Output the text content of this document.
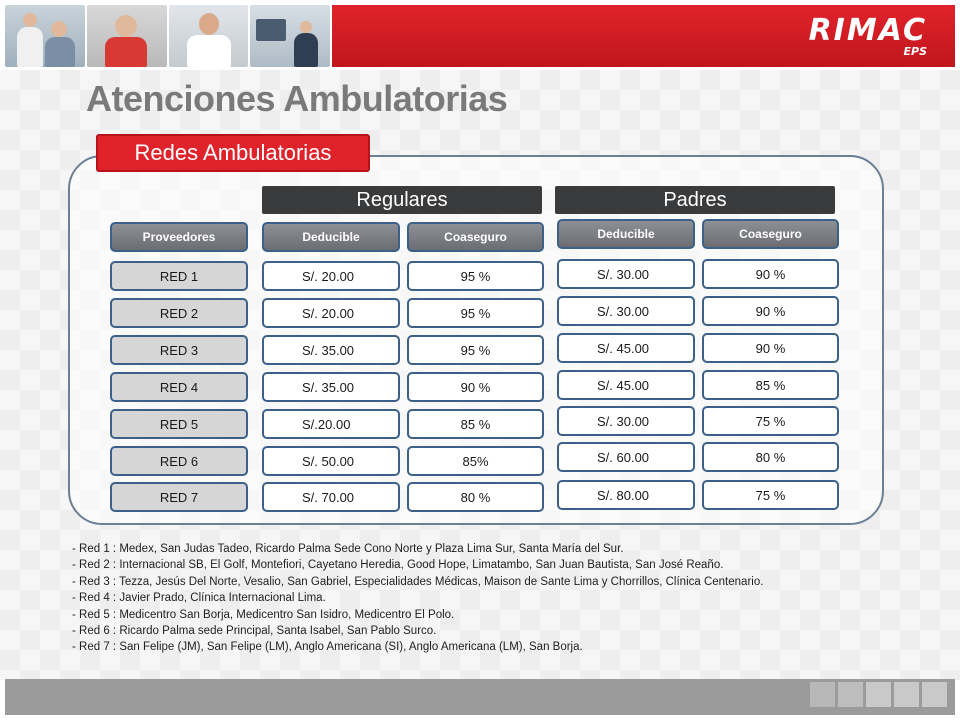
RIMAC
EPS
Atenciones Ambulatorias
Redes Ambulatorias
Regulares	Padres
Proveedores	Deducible	Coaseguro	Deducible	Coaseguro
RED 1	S/. 20.00	95 %	S/. 30.00	90 %
RED 2	S/. 20.00	95 %	S/. 30.00	90 %
RED 3	S/. 35.00	95 %	S/. 45.00	90 %
RED 4	S/. 35.00	90 %	S/. 45.00	85 %
RED 5	S/.20.00	85 %	S/. 30.00	75 %
RED 6	S/. 50.00	85%	S/. 60.00	80 %
RED 7	S/. 70.00	80 %	S/. 80.00	75 %
- Red 1 : Medex, San Judas Tadeo, Ricardo Palma Sede Cono Norte y Plaza Lima Sur, Santa María del Sur.
- Red 2 : Internacional SB, El Golf, Montefiori, Cayetano Heredia, Good Hope, Limatambo, San Juan Bautista, San José Reaño.
- Red 3 : Tezza, Jesús Del Norte, Vesalio, San Gabriel, Especialidades Médicas, Maison de Sante Lima y Chorrillos, Clínica Centenario.
- Red 4 : Javier Prado, Clínica Internacional Lima.
- Red 5 : Medicentro San Borja, Medicentro San Isidro, Medicentro El Polo.
- Red 6 : Ricardo Palma sede Principal, Santa Isabel, San Pablo Surco.
- Red 7 : San Felipe (JM), San Felipe (LM), Anglo Americana (SI), Anglo Americana (LM), San Borja.
